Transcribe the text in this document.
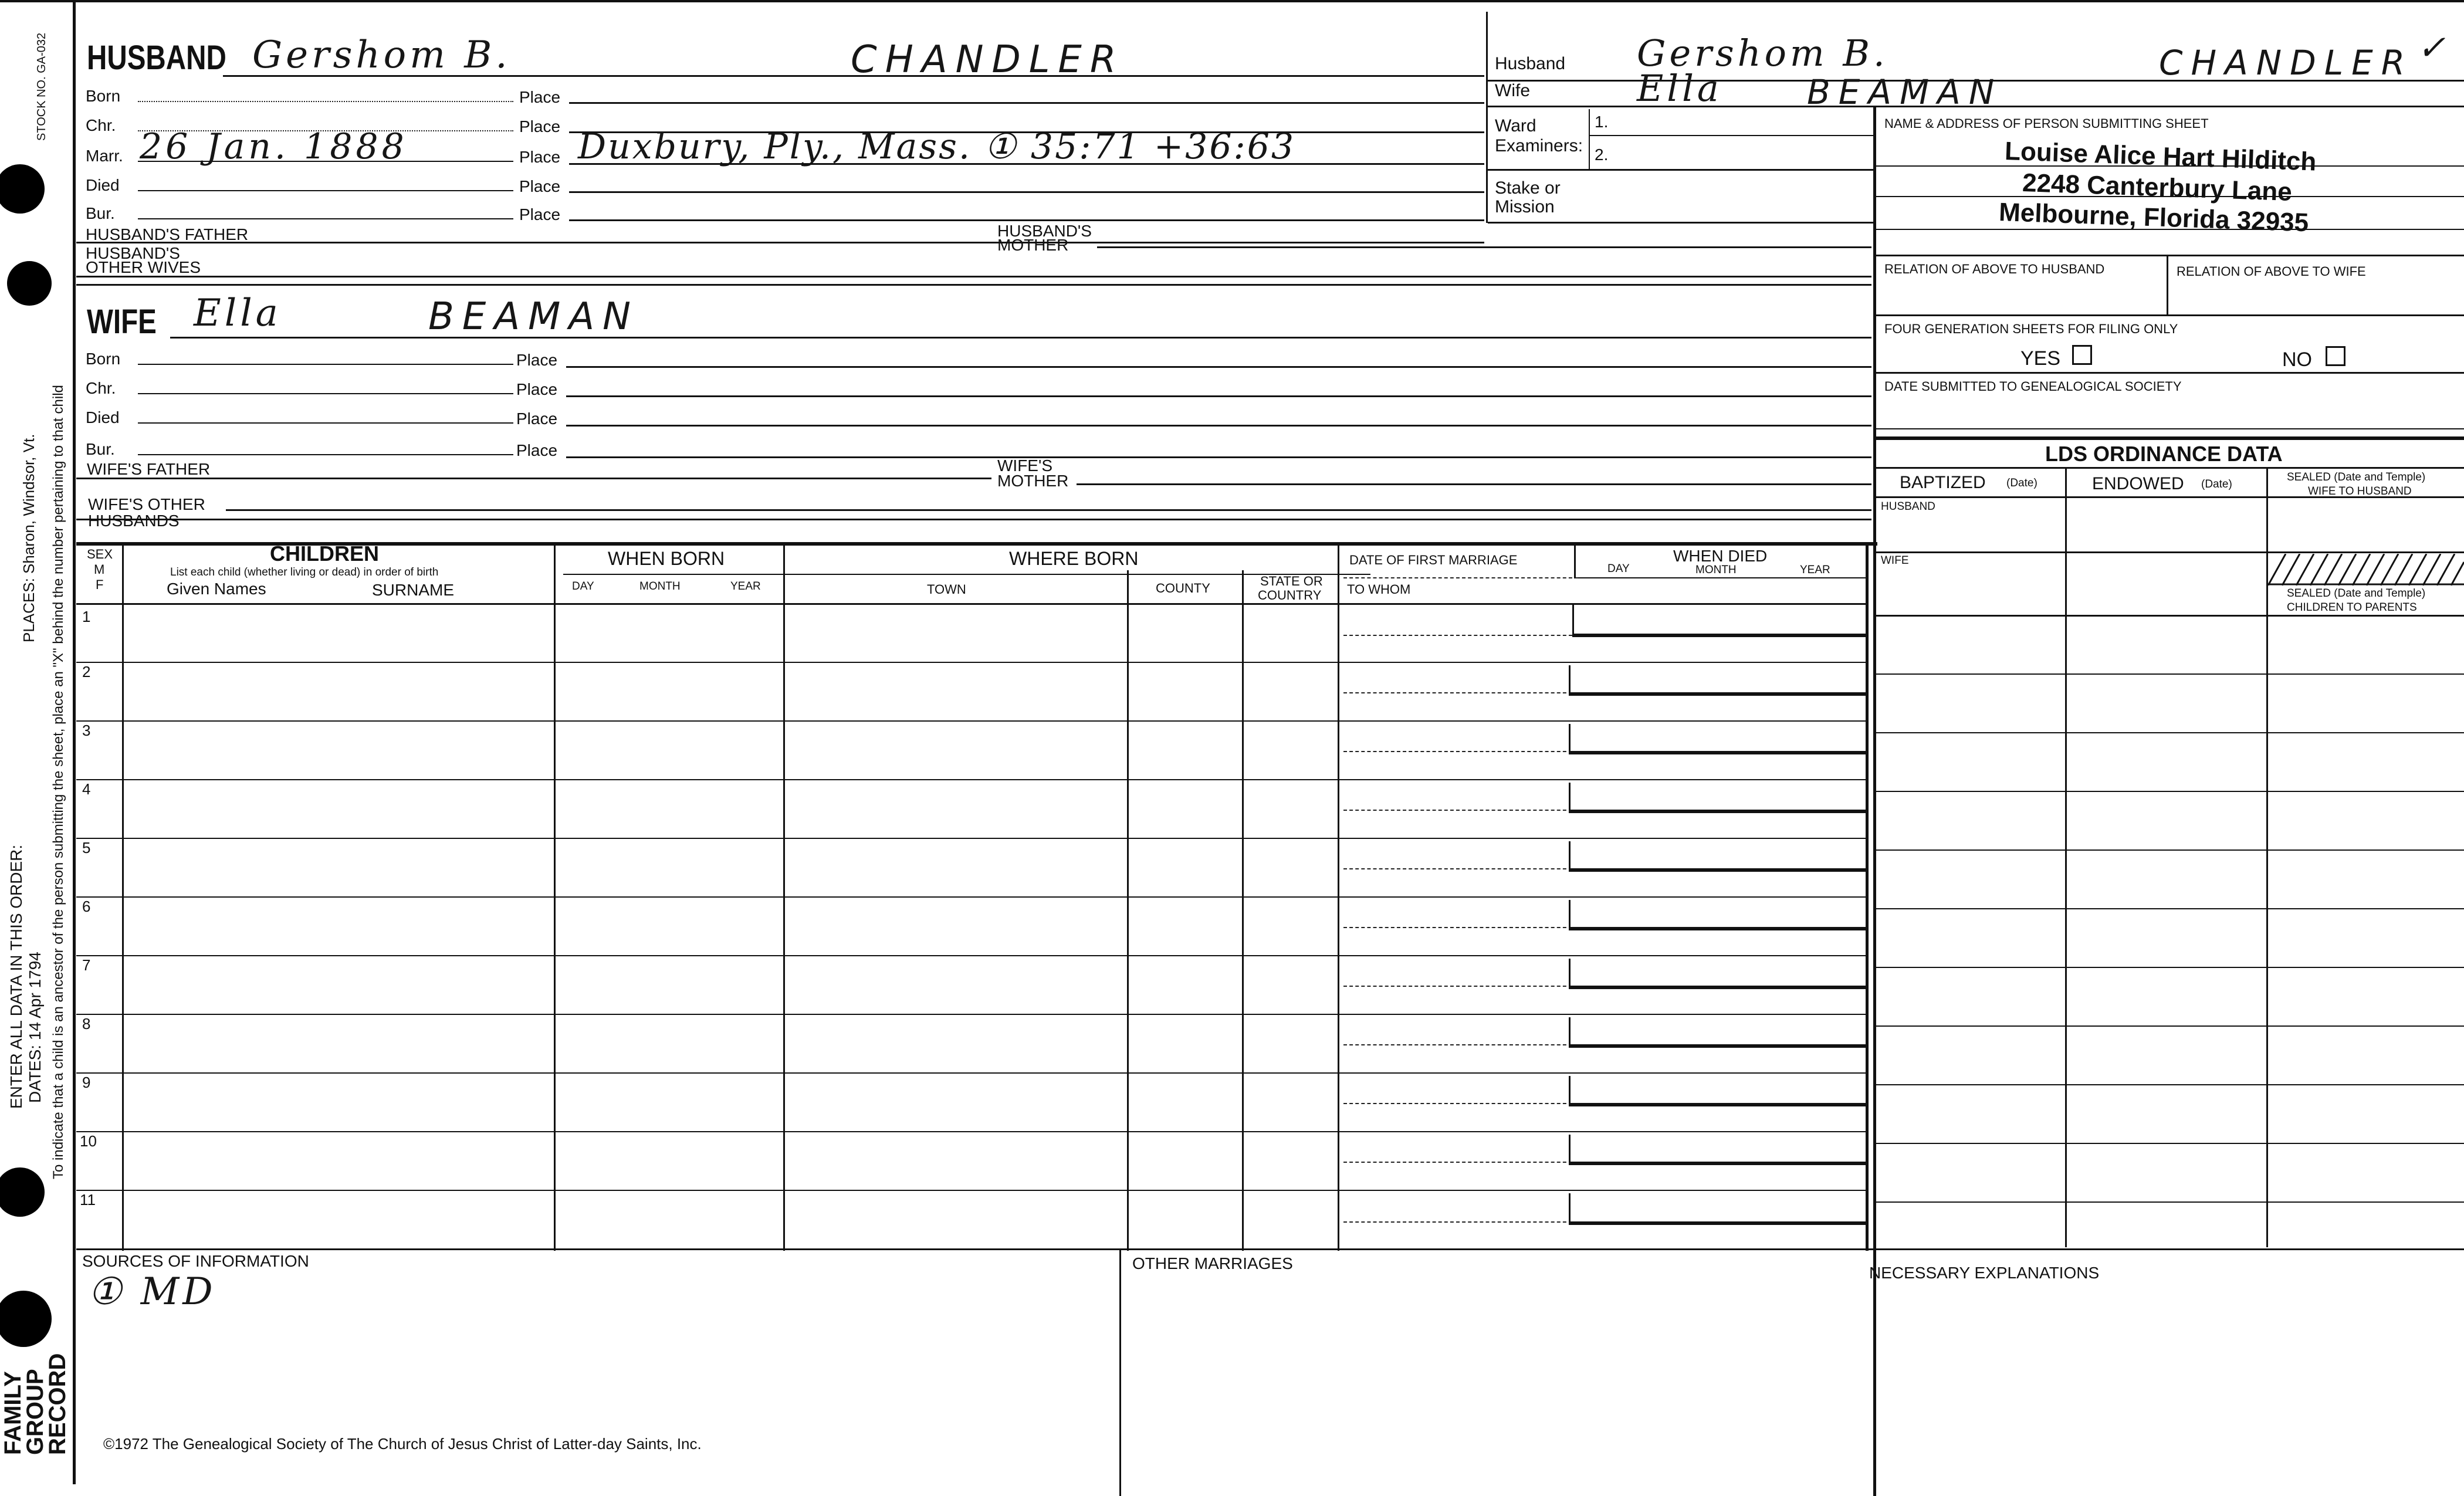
STOCK NO. GA-032
PLACES: Sharon, Windsor, Vt. To indicate that a child is an ancestor of the person submitting the sheet, place an "X" behind the number pertaining to that child
ENTER ALL DATA IN THIS ORDER: DATES: 14 Apr 1794
FAMILY
GROUP
RECORD
HUSBAND Gershom B.	CHANDLER
Born	Place
Chr.	Place
Marr. 26 Jan. 1888	Place Duxbury, Ply., Mass. ① 35:71 +36:63
Died	Place
Bur.	Place
HUSBAND'S FATHER	HUSBAND'S
MOTHER
HUSBAND'S
OTHER WIVES
WIFE Ella	BEAMAN
Born	Place
Chr.	Place
Died	Place
Bur.	Place
WIFE'S FATHER	WIFE'S
MOTHER
WIFE'S OTHER
HUSBANDS
Husband Gershom B.	CHANDLER ✓
Wife	Ella BEAMAN
Ward
Examiners:
1.
2.
Stake or
Mission
NAME & ADDRESS OF PERSON SUBMITTING SHEET
Louise Alice Hart Hilditch
2248 Canterbury Lane
Melbourne, Florida 32935
RELATION OF ABOVE TO HUSBAND	RELATION OF ABOVE TO WIFE
FOUR GENERATION SHEETS FOR FILING ONLY
YES	NO
DATE SUBMITTED TO GENEALOGICAL SOCIETY
LDS ORDINANCE DATA
BAPTIZED (Date)	ENDOWED (Date)
SEALED (Date and Temple)
WIFE TO HUSBAND
HUSBAND
WIFE
SEALED (Date and Temple)
CHILDREN TO PARENTS
SEX
M
F
CHILDREN
List each child (whether living or dead) in order of birth
Given Names	SURNAME
WHEN BORN
DAY	MONTH	YEAR
WHERE BORN
TOWN	COUNTY	STATE OR
COUNTRY
DATE OF FIRST MARRIAGE
TO WHOM
WHEN DIED
DAY	MONTH	YEAR
1
2
3
4
5
6
7
8
9
10
11
SOURCES OF INFORMATION
① MD
OTHER MARRIAGES
NECESSARY EXPLANATIONS
©1972 The Genealogical Society of The Church of Jesus Christ of Latter-day Saints, Inc.
